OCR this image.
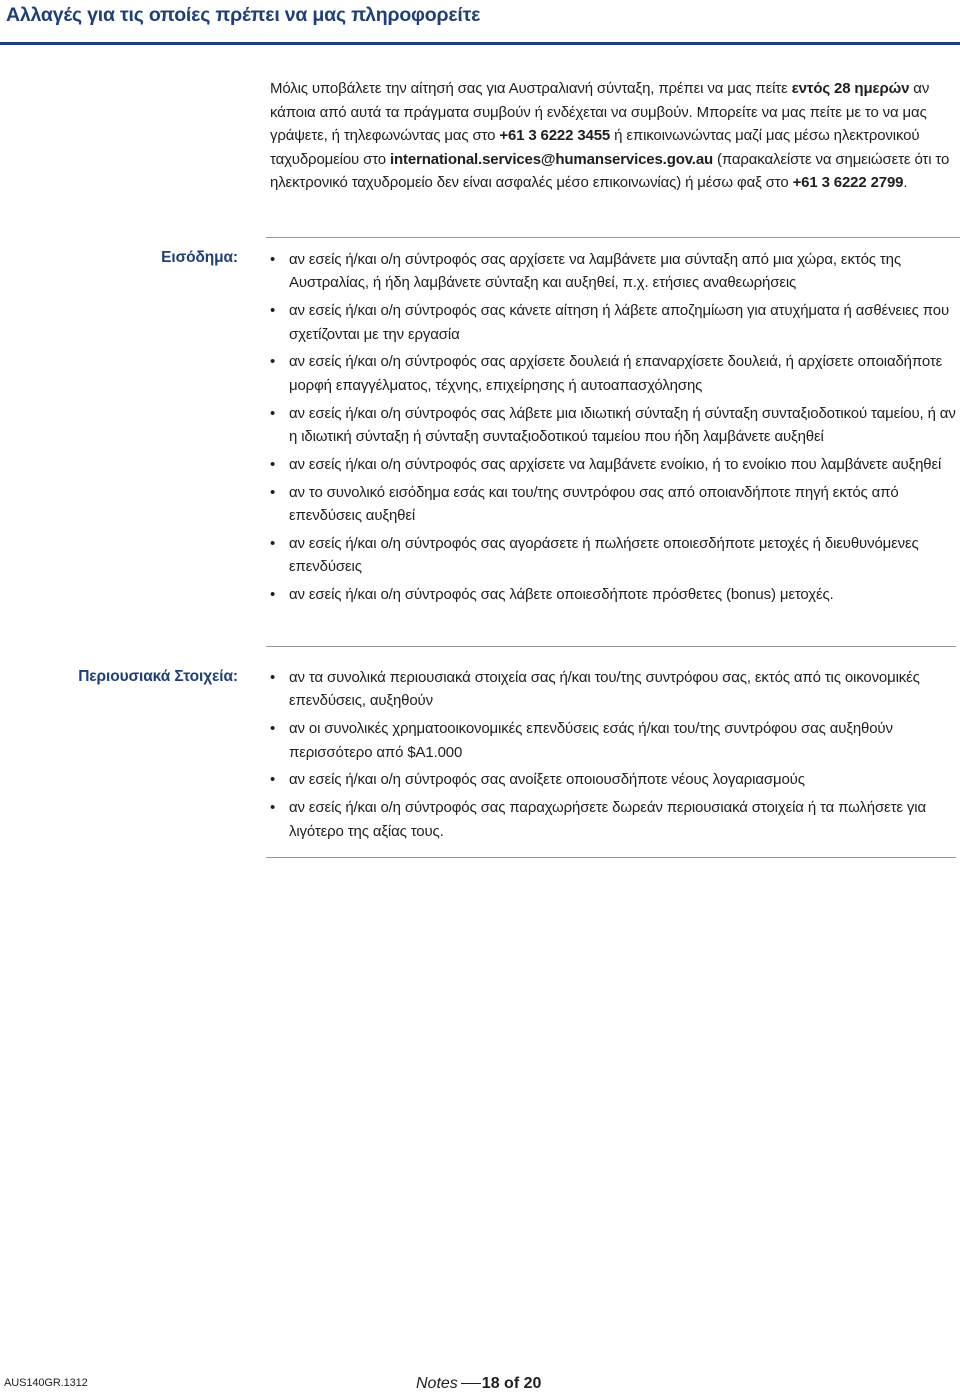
Αλλαγές για τις οποίες πρέπει να μας πληροφορείτε

Μόλις υποβάλετε την αίτησή σας για Αυστραλιανή σύνταξη, πρέπει να μας πείτε εντός 28 ημερών αν κάποια από αυτά τα πράγματα συμβούν ή ενδέχεται να συμβούν. Μπορείτε να μας πείτε με το να μας γράψετε, ή τηλεφωνώντας μας στο +61 3 6222 3455 ή επικοινωνώντας μαζί μας μέσω ηλεκτρονικού ταχυδρομείου στο international.services@humanservices.gov.au (παρακαλείστε να σημειώσετε ότι το ηλεκτρονικό ταχυδρομείο δεν είναι ασφαλές μέσο επικοινωνίας) ή μέσω φαξ στο +61 3 6222 2799.

Εισόδημα: • αν εσείς ή/και ο/η σύντροφός σας αρχίσετε να λαμβάνετε μια σύνταξη από μια χώρα, εκτός της Αυστραλίας, ή ήδη λαμβάνετε σύνταξη και αυξηθεί, π.χ. ετήσιες αναθεωρήσεις
• αν εσείς ή/και ο/η σύντροφός σας κάνετε αίτηση ή λάβετε αποζημίωση για ατυχήματα ή ασθένειες που σχετίζονται με την εργασία
• αν εσείς ή/και ο/η σύντροφός σας αρχίσετε δουλειά ή επαναρχίσετε δουλειά, ή αρχίσετε οποιαδήποτε μορφή επαγγέλματος, τέχνης, επιχείρησης ή αυτοαπασχόλησης
• αν εσείς ή/και ο/η σύντροφός σας λάβετε μια ιδιωτική σύνταξη ή σύνταξη συνταξιοδοτικού ταμείου, ή αν η ιδιωτική σύνταξη ή σύνταξη συνταξιοδοτικού ταμείου που ήδη λαμβάνετε αυξηθεί
• αν εσείς ή/και ο/η σύντροφός σας αρχίσετε να λαμβάνετε ενοίκιο, ή το ενοίκιο που λαμβάνετε αυξηθεί
• αν το συνολικό εισόδημα εσάς και του/της συντρόφου σας από οποιανδήποτε πηγή εκτός από επενδύσεις αυξηθεί
• αν εσείς ή/και ο/η σύντροφός σας αγοράσετε ή πωλήσετε οποιεσδήποτε μετοχές ή διευθυνόμενες επενδύσεις
• αν εσείς ή/και ο/η σύντροφός σας λάβετε οποιεσδήποτε πρόσθετες (bonus) μετοχές.
Περιουσιακά Στοιχεία: • αν τα συνολικά περιουσιακά στοιχεία σας ή/και του/της συντρόφου σας, εκτός από τις οικονομικές επενδύσεις, αυξηθούν
• αν οι συνολικές χρηματοοικονομικές επενδύσεις εσάς ή/και του/της συντρόφου σας αυξηθούν περισσότερο από $A1.000
• αν εσείς ή/και ο/η σύντροφός σας ανοίξετε οποιουσδήποτε νέους λογαριασμούς
• αν εσείς ή/και ο/η σύντροφός σας παραχωρήσετε δωρεάν περιουσιακά στοιχεία ή τα πωλήσετε για λιγότερο της αξίας τους.
AUS140GR.1312	Notes 18 of 20
